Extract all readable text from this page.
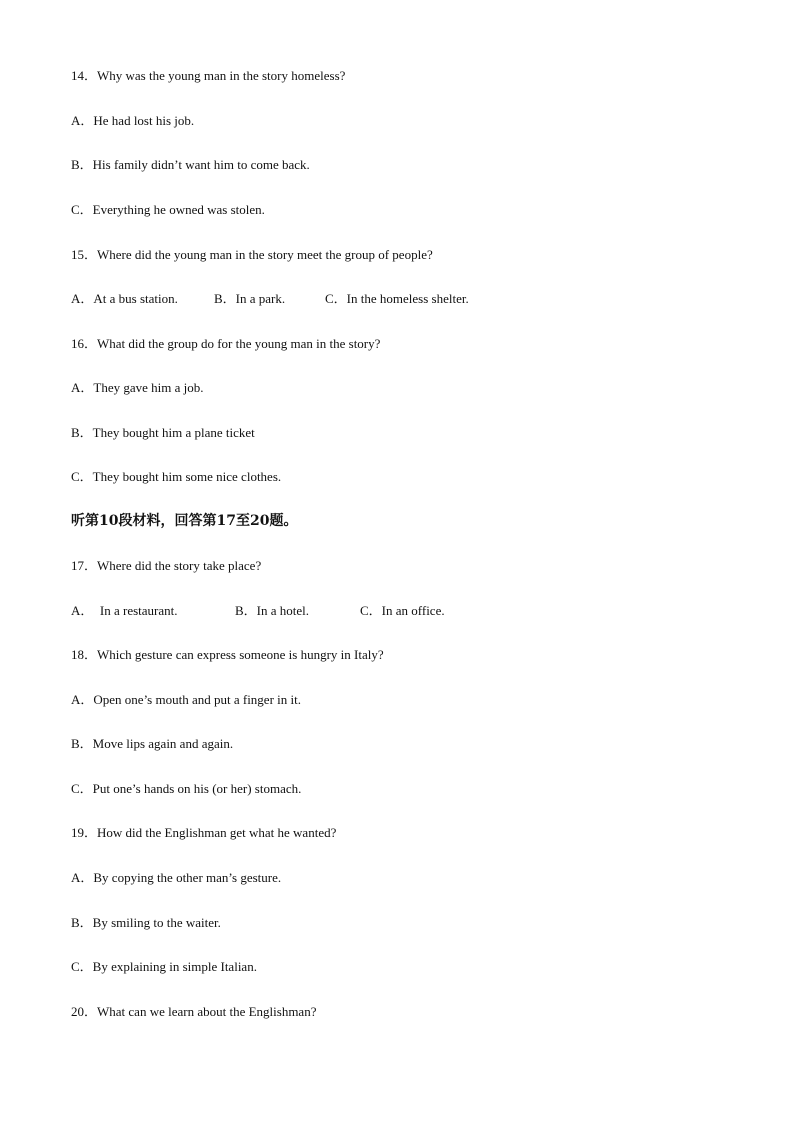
14．Why was the young man in the story homeless?
A．He had lost his job.
B．His family didn’t want him to come back.
C．Everything he owned was stolen.
15．Where did the young man in the story meet the group of people?
A．At a bus station.	B．In a park.	C．In the homeless shelter.
16．What did the group do for the young man in the story?
A．They gave him a job.
B．They bought him a plane ticket
C．They bought him some nice clothes.
听第10段材料，回答第17至20题。
17．Where did the story take place?
A．  In a restaurant.	B．In a hotel.	C．In an office.
18．Which gesture can express someone is hungry in Italy?
A．Open one’s mouth and put a finger in it.
B．Move lips again and again.
C．Put one’s hands on his (or her) stomach.
19．How did the Englishman get what he wanted?
A．By copying the other man’s gesture.
B．By smiling to the waiter.
C．By explaining in simple Italian.
20．What can we learn about the Englishman?
